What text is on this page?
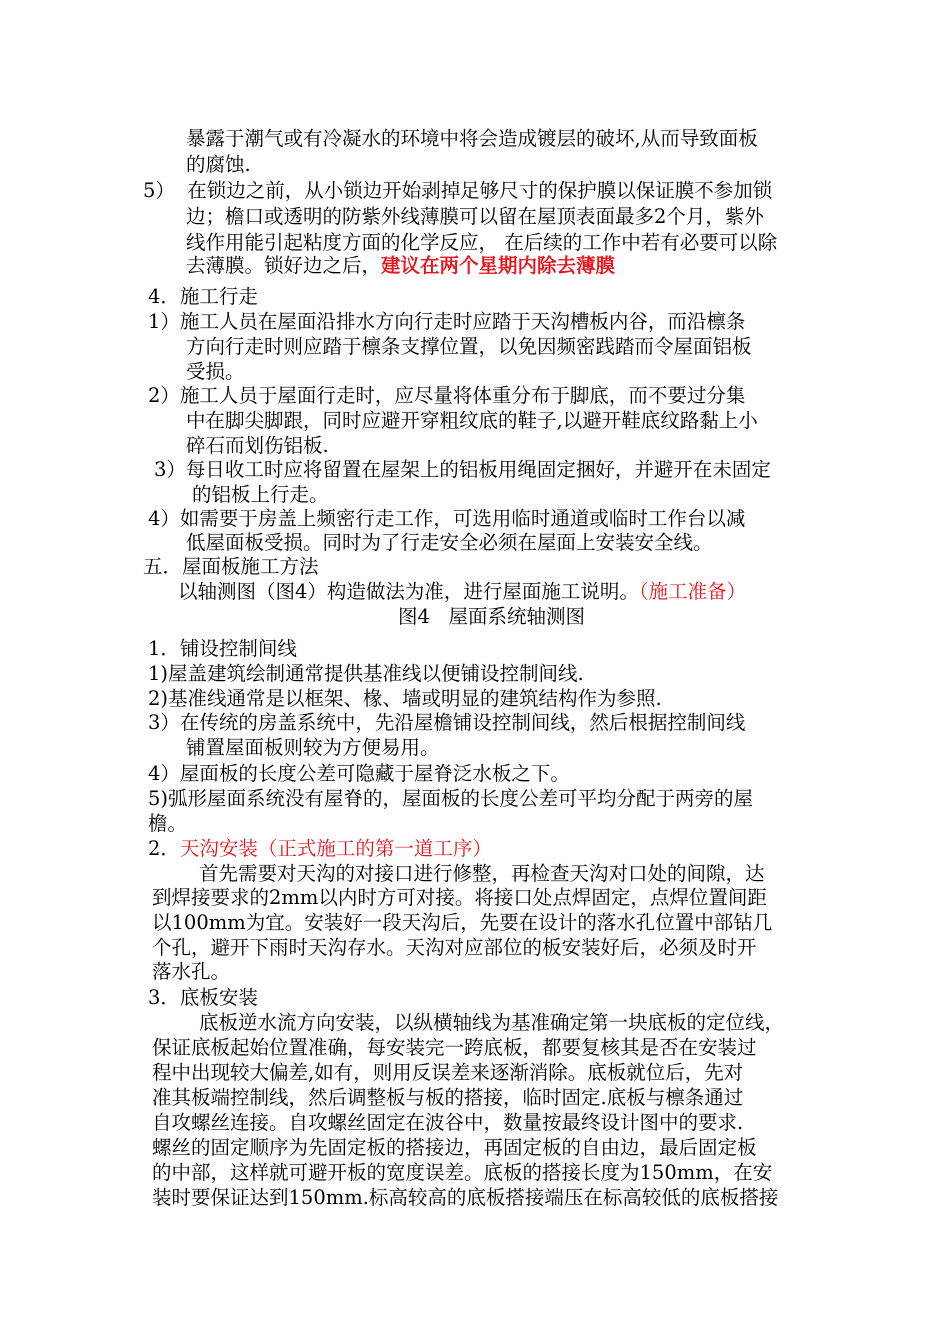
暴露于潮气或有冷凝水的环境中将会造成镀层的破坏,从而导致面板
的腐蚀.
5）  在锁边之前，从小锁边开始剥掉足够尺寸的保护膜以保证膜不参加锁
边；檐口或透明的防紫外线薄膜可以留在屋顶表面最多2个月，紫外
线作用能引起粘度方面的化学反应， 在后续的工作中若有必要可以除
去薄膜。锁好边之后，建议在两个星期内除去薄膜
4．施工行走
1）施工人员在屋面沿排水方向行走时应踏于天沟槽板内谷，而沿檩条
方向行走时则应踏于檩条支撑位置，以免因频密践踏而令屋面铝板
受损。
2）施工人员于屋面行走时，应尽量将体重分布于脚底，而不要过分集
中在脚尖脚跟，同时应避开穿粗纹底的鞋子,以避开鞋底纹路黏上小
碎石而划伤铝板.
3）每日收工时应将留置在屋架上的铝板用绳固定捆好，并避开在未固定
的铝板上行走。
4）如需要于房盖上频密行走工作，可选用临时通道或临时工作台以减
低屋面板受损。同时为了行走安全必须在屋面上安装安全线。
五．屋面板施工方法
以轴测图（图4）构造做法为准，进行屋面施工说明。（施工准备）
图4   屋面系统轴测图
1．铺设控制间线
1)屋盖建筑绘制通常提供基准线以便铺设控制间线.
2)基准线通常是以框架、椽、墙或明显的建筑结构作为参照.
3）在传统的房盖系统中，先沿屋檐铺设控制间线，然后根据控制间线
铺置屋面板则较为方便易用。
4）屋面板的长度公差可隐藏于屋脊泛水板之下。
5)弧形屋面系统没有屋脊的，屋面板的长度公差可平均分配于两旁的屋
檐。
2．天沟安装（正式施工的第一道工序）
首先需要对天沟的对接口进行修整，再检查天沟对口处的间隙，达
到焊接要求的2mm以内时方可对接。将接口处点焊固定，点焊位置间距
以100mm为宜。安装好一段天沟后，先要在设计的落水孔位置中部钻几
个孔，避开下雨时天沟存水。天沟对应部位的板安装好后，必须及时开
落水孔。
3．底板安装
底板逆水流方向安装，以纵横轴线为基准确定第一块底板的定位线，
保证底板起始位置准确，每安装完一跨底板，都要复核其是否在安装过
程中出现较大偏差,如有，则用反误差来逐渐消除。底板就位后，先对
准其板端控制线，然后调整板与板的搭接，临时固定.底板与檩条通过
自攻螺丝连接。自攻螺丝固定在波谷中，数量按最终设计图中的要求.
螺丝的固定顺序为先固定板的搭接边，再固定板的自由边，最后固定板
的中部，这样就可避开板的宽度误差。底板的搭接长度为150mm，在安
装时要保证达到150mm.标高较高的底板搭接端压在标高较低的底板搭接
